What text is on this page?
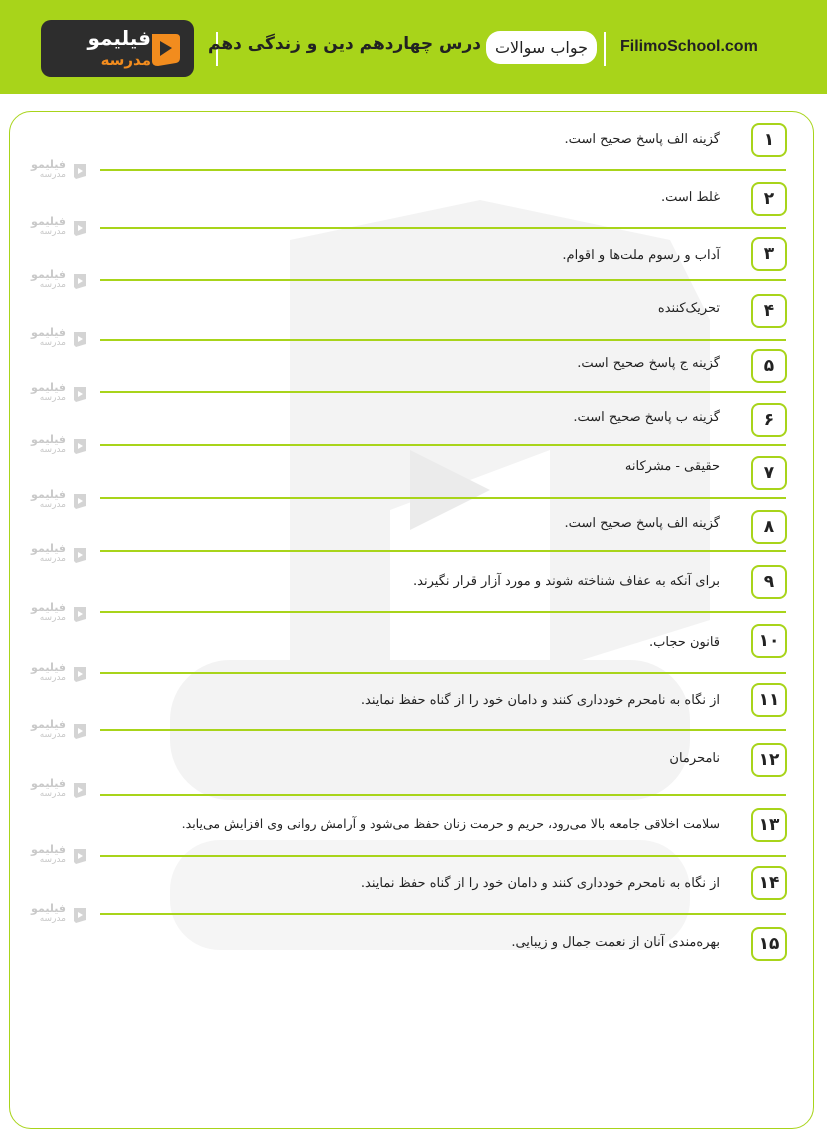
فیلیمو
مدرسه
درس چهاردهم دین و زندگی دهم جواب سوالات	FilimoSchool.com
فیلیمو
مدرسه
فیلیمو
مدرسه
فیلیمو
مدرسه
فیلیمو
مدرسه
فیلیمو
مدرسه
فیلیمو
مدرسه
فیلیمو
مدرسه
فیلیمو
مدرسه
فیلیمو
مدرسه
فیلیمو
مدرسه
فیلیمو
مدرسه
فیلیمو
مدرسه
فیلیمو
مدرسه
فیلیمو
مدرسه
۱
گزینه الف پاسخ صحیح است.
۲
غلط است.
۳
آداب و رسوم ملت‌ها و اقوام.
۴
تحریک‌کننده
۵
گزینه ج پاسخ صحیح است.
۶
گزینه ب پاسخ صحیح است.
۷
حقیقی - مشرکانه
۸
گزینه الف پاسخ صحیح است.
۹
برای آنکه به عفاف شناخته شوند و مورد آزار قرار نگیرند.
۱۰
قانون حجاب.
۱۱
از نگاه به نامحرم خودداری کنند و دامان خود را از گناه حفظ نمایند.
۱۲
نامحرمان
۱۳
سلامت اخلاقی جامعه بالا می‌رود، حریم و حرمت زنان حفظ می‌شود و آرامش روانی وی افزایش می‌یابد.
۱۴
از نگاه به نامحرم خودداری کنند و دامان خود را از گناه حفظ نمایند.
۱۵
بهره‌مندی آنان از نعمت جمال و زیبایی.
